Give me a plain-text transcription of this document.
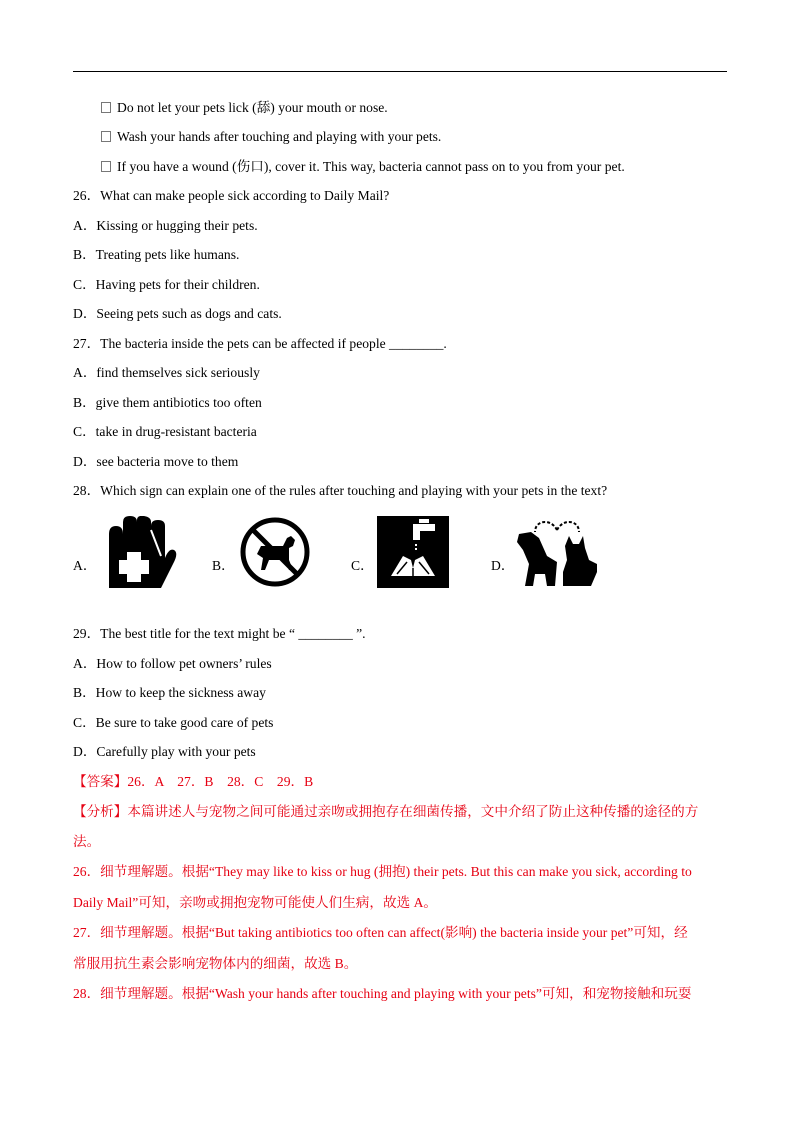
Do not let your pets lick (舔) your mouth or nose.
Wash your hands after touching and playing with your pets.
If you have a wound (伤口), cover it. This way, bacteria cannot pass on to you from your pet.
26．What can make people sick according to Daily Mail?
A．Kissing or hugging their pets.
B．Treating pets like humans.
C．Having pets for their children.
D．Seeing pets such as dogs and cats.
27．The bacteria inside the pets can be affected if people ________.
A．find themselves sick seriously
B．give them antibiotics too often
C．take in drug-resistant bacteria
D．see bacteria move to them
28．Which sign can explain one of the rules after touching and playing with your pets in the text?
A．	B．	C．	D．
29．The best title for the text might be “ ________ ”.
A．How to follow pet owners’ rules
B．How to keep the sickness away
C．Be sure to take good care of pets
D．Carefully play with your pets
【答案】26．A　27．B　28．C　29．B
【分析】本篇讲述人与宠物之间可能通过亲吻或拥抱存在细菌传播，文中介绍了防止这种传播的途径的方
法。
26．细节理解题。根据“They may like to kiss or hug (拥抱) their pets. But this can make you sick, according to
Daily Mail”可知，亲吻或拥抱宠物可能使人们生病，故选 A。
27．细节理解题。根据“But taking antibiotics too often can affect(影响) the bacteria inside your pet”可知，经
常服用抗生素会影响宠物体内的细菌，故选 B。
28．细节理解题。根据“Wash your hands after touching and playing with your pets”可知，和宠物接触和玩耍
